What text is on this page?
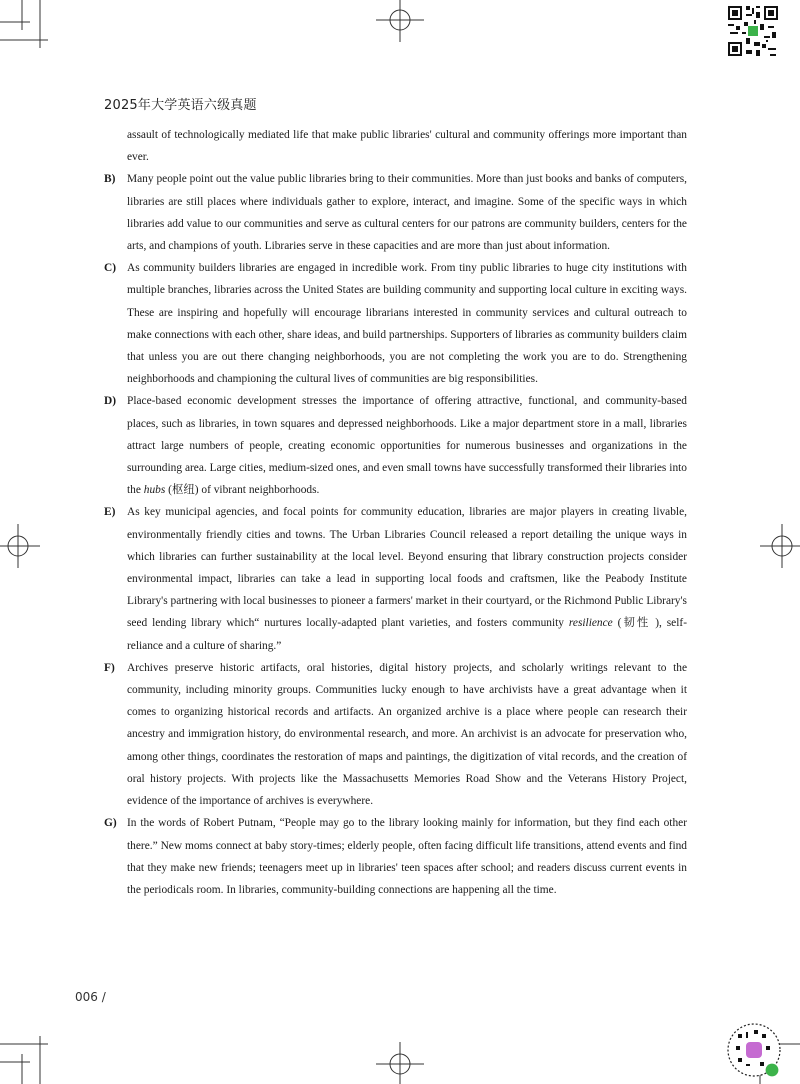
2025年大学英语六级真题

assault of technologically mediated life that make public libraries' cultural and community offerings more important than ever.

B)	Many people point out the value public libraries bring to their communities. More than just books and banks of computers, libraries are still places where individuals gather to explore, interact, and imagine. Some of the specific ways in which libraries add value to our communities and serve as cultural centers for our patrons are community builders, centers for the arts, and champions of youth. Libraries serve in these capacities and are more than just about information.
C) As community builders libraries are engaged in incredible work. From tiny public libraries to huge city institutions with multiple branches, libraries across the United States are building community and supporting local culture in exciting ways. These are inspiring and hopefully will encourage librarians interested in community services and cultural outreach to make connections with each other, share ideas, and build partnerships. Supporters of libraries as community builders claim that unless you are out there changing neighborhoods, you are not completing the work you are to do. Strengthening neighborhoods and championing the cultural lives of communities are big responsibilities.
D) Place-based economic development stresses the importance of offering attractive, functional, and community-based places, such as libraries, in town squares and depressed neighborhoods. Like a major department store in a mall, libraries attract large numbers of people, creating economic opportunities for numerous businesses and organizations in the surrounding area. Large cities, medium-sized ones, and even small towns have successfully transformed their libraries into the hubs (枢纽) of vibrant neighborhoods.
E)	As key municipal agencies, and focal points for community education, libraries are major players in creating livable, environmentally friendly cities and towns. The Urban Libraries Council released a report detailing the unique ways in which libraries can further sustainability at the local level. Beyond ensuring that library construction projects consider environmental impact, libraries can take a lead in supporting local foods and craftsmen, like the Peabody Institute Library's partnering with local businesses to pioneer a farmers' market in their courtyard, or the Richmond Public Library's seed lending library which“ nurtures locally-adapted plant varieties, and fosters community resilience (韧性 ), self-reliance and a culture of sharing.”
F)	Archives preserve historic artifacts, oral histories, digital history projects, and scholarly writings relevant to the community, including minority groups. Communities lucky enough to have archivists have a great advantage when it comes to organizing historical records and artifacts. An organized archive is a place where people can research their ancestry and immigration history, do environmental research, and more. An archivist is an advocate for preservation who, among other things, coordinates the restoration of maps and paintings, the digitization of vital records, and the creation of oral history projects. With projects like the Massachusetts Memories Road Show and the Veterans History Project, evidence of the importance of archives is everywhere.
G) In the words of Robert Putnam, “People may go to the library looking mainly for information, but they find each other there.” New moms connect at baby story-times; elderly people, often facing difficult life transitions, attend events and find that they make new friends; teenagers meet up in libraries' teen spaces after school; and readers discuss current events in the periodicals room. In libraries, community-building connections are happening all the time.
006 /
